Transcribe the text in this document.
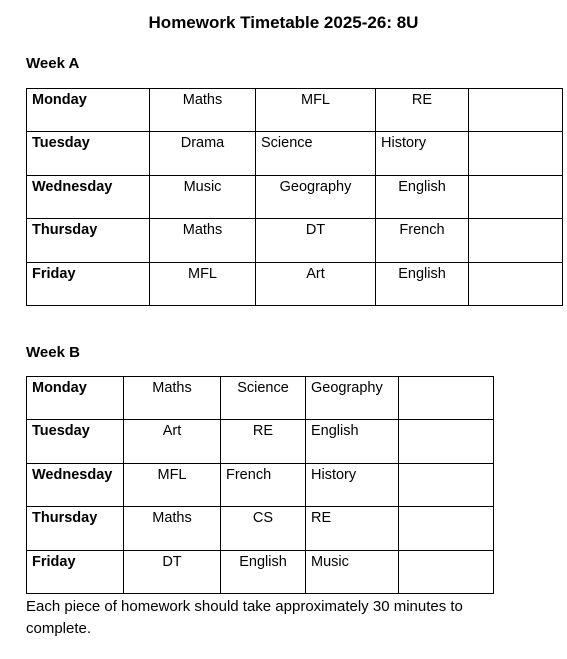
Homework Timetable 2025-26: 8U
Week A
Monday	Maths	MFL	RE	
Tuesday	Drama	Science	History	
Wednesday	Music	Geography	English	
Thursday	Maths	DT	French	
Friday	MFL	Art	English	
Week B
Monday	Maths	Science	Geography	
Tuesday	Art	RE	English	
Wednesday	MFL	French	History	
Thursday	Maths	CS	RE	
Friday	DT	English	Music	
Each piece of homework should take approximately 30 minutes to complete.
